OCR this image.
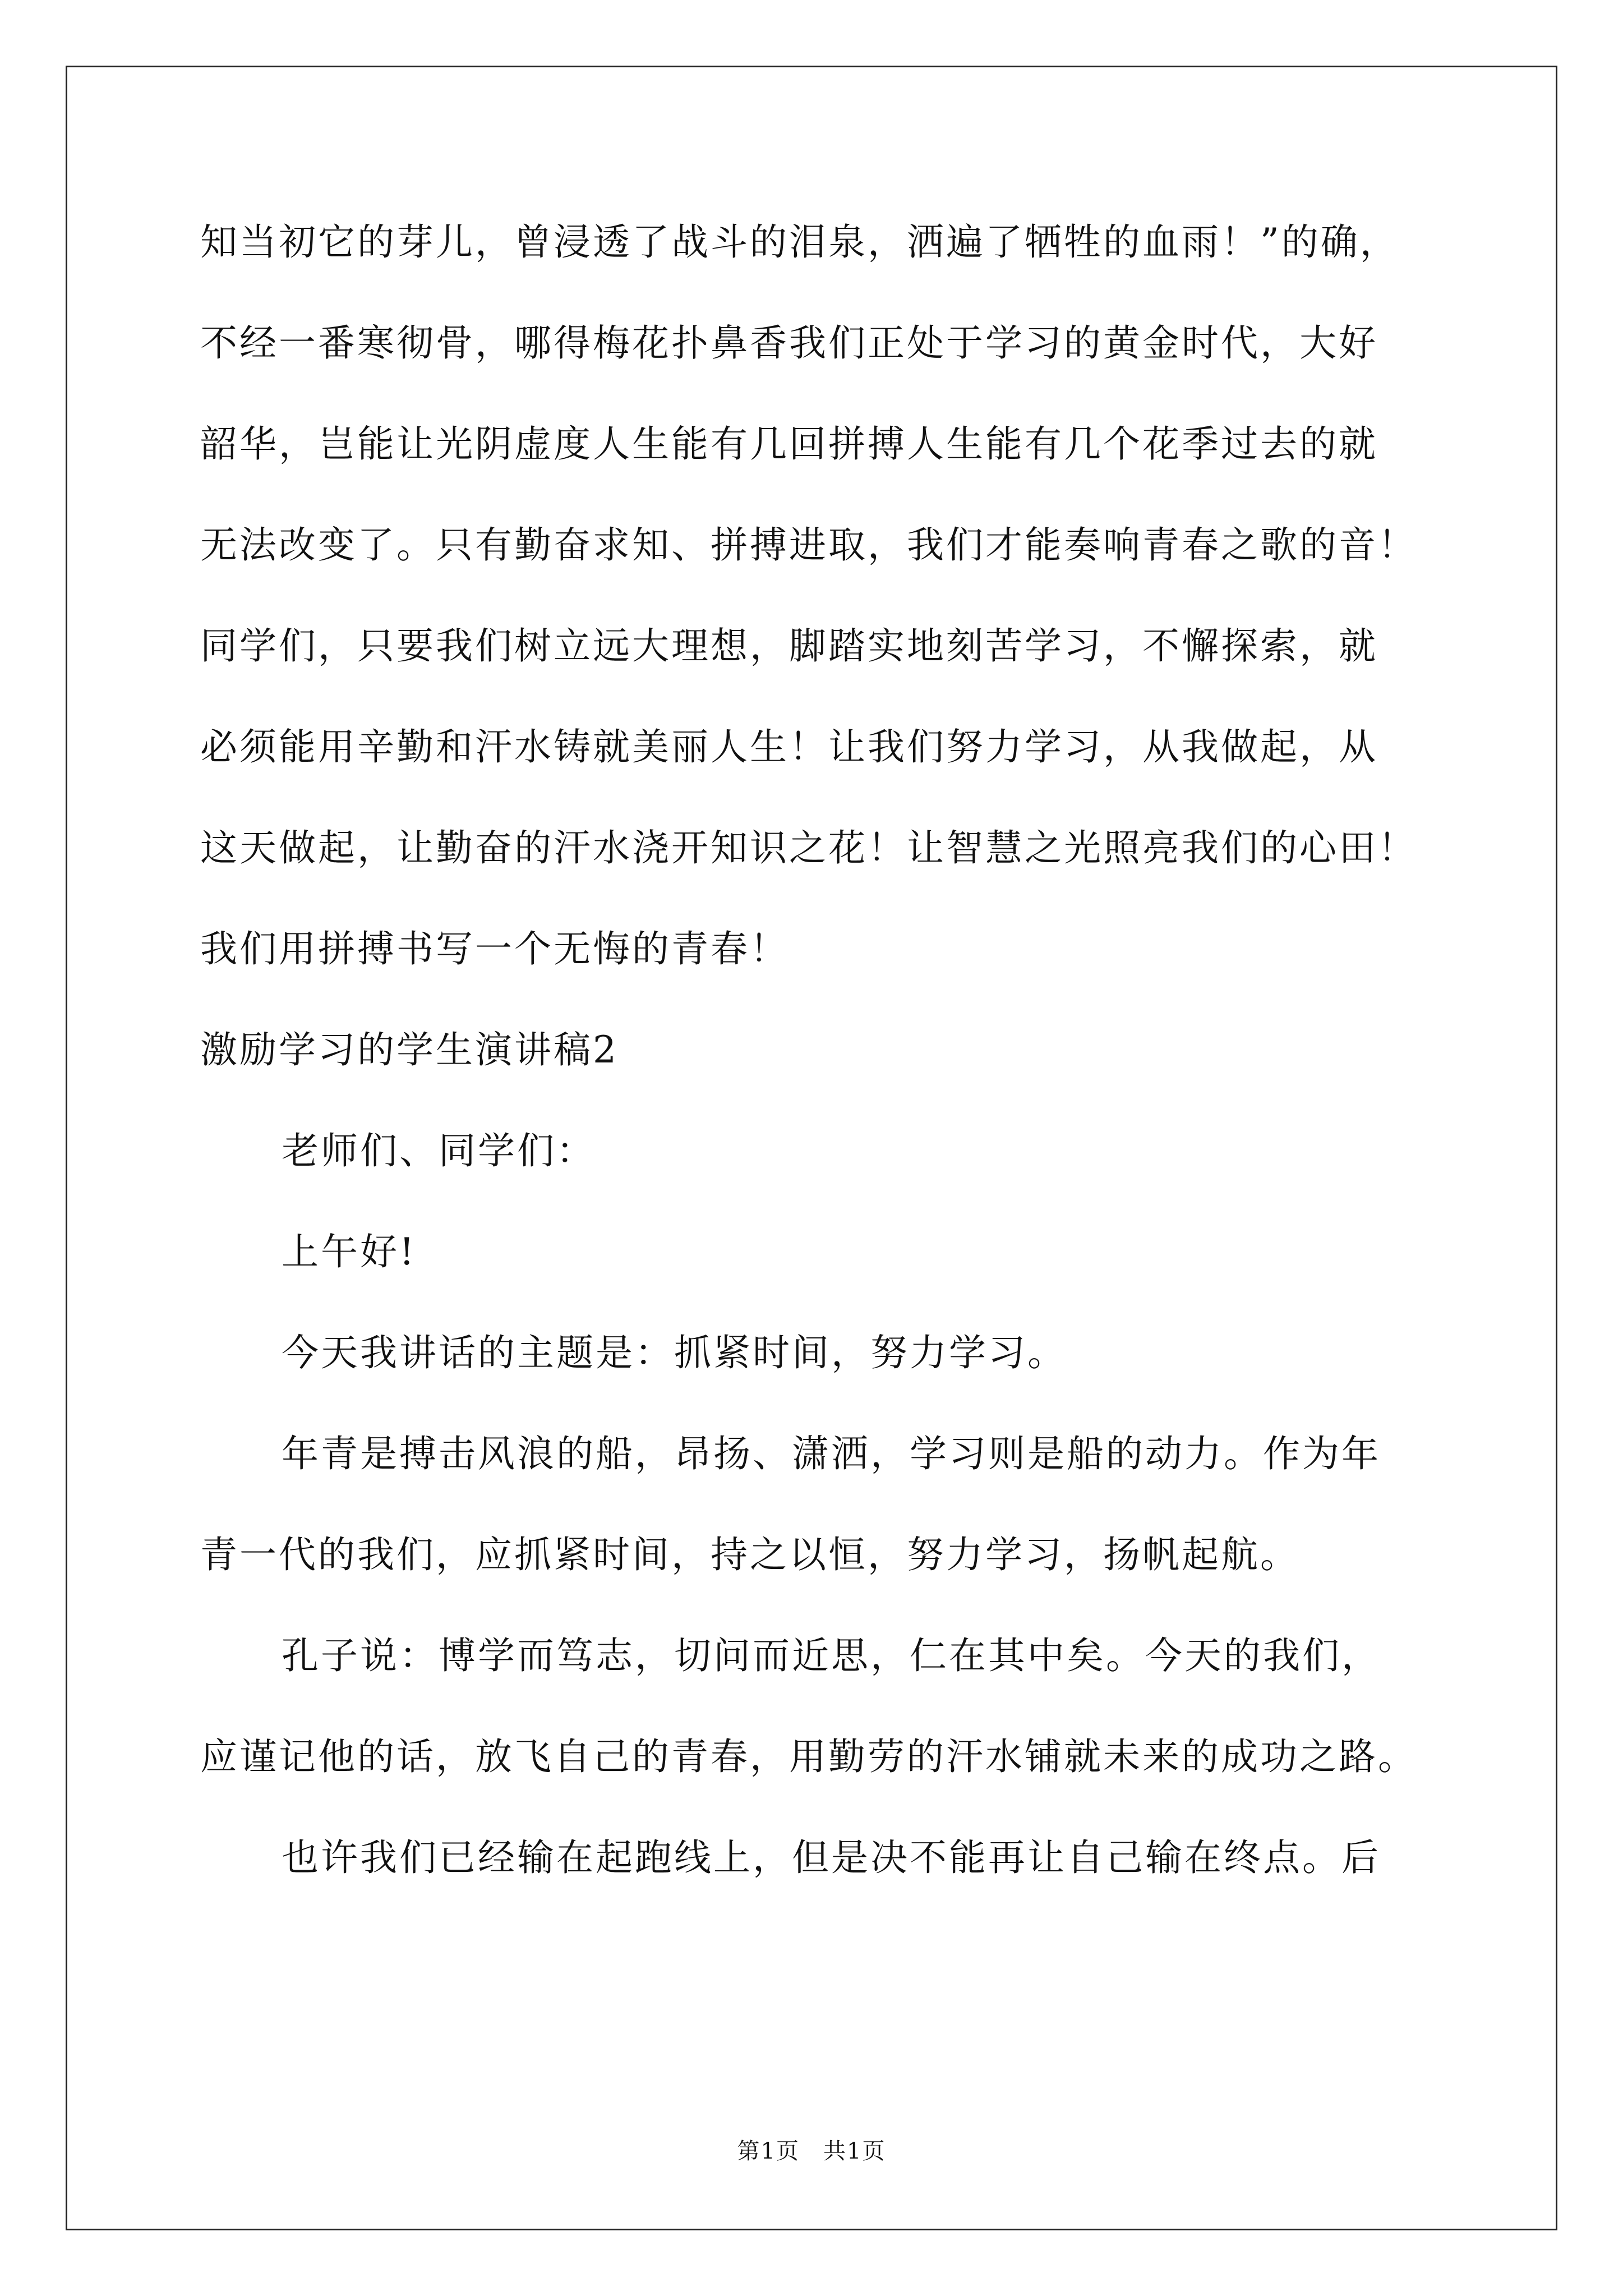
知当初它的芽儿，曾浸透了战斗的泪泉，洒遍了牺牲的血雨！”的确，
不经一番寒彻骨，哪得梅花扑鼻香我们正处于学习的黄金时代，大好
韶华，岂能让光阴虚度人生能有几回拼搏人生能有几个花季过去的就
无法改变了。只有勤奋求知、拼搏进取，我们才能奏响青春之歌的音！
同学们，只要我们树立远大理想，脚踏实地刻苦学习，不懈探索，就
必须能用辛勤和汗水铸就美丽人生！让我们努力学习，从我做起，从
这天做起，让勤奋的汗水浇开知识之花！让智慧之光照亮我们的心田！
我们用拼搏书写一个无悔的青春！
激励学习的学生演讲稿2
老师们、同学们：
上午好!
今天我讲话的主题是：抓紧时间，努力学习。
年青是搏击风浪的船，昂扬、潇洒，学习则是船的动力。作为年
青一代的我们，应抓紧时间，持之以恒，努力学习，扬帆起航。
孔子说：博学而笃志，切问而近思，仁在其中矣。今天的我们，
应谨记他的话，放飞自己的青春，用勤劳的汗水铺就未来的成功之路。
也许我们已经输在起跑线上，但是决不能再让自己输在终点。后
第1页　共1页
